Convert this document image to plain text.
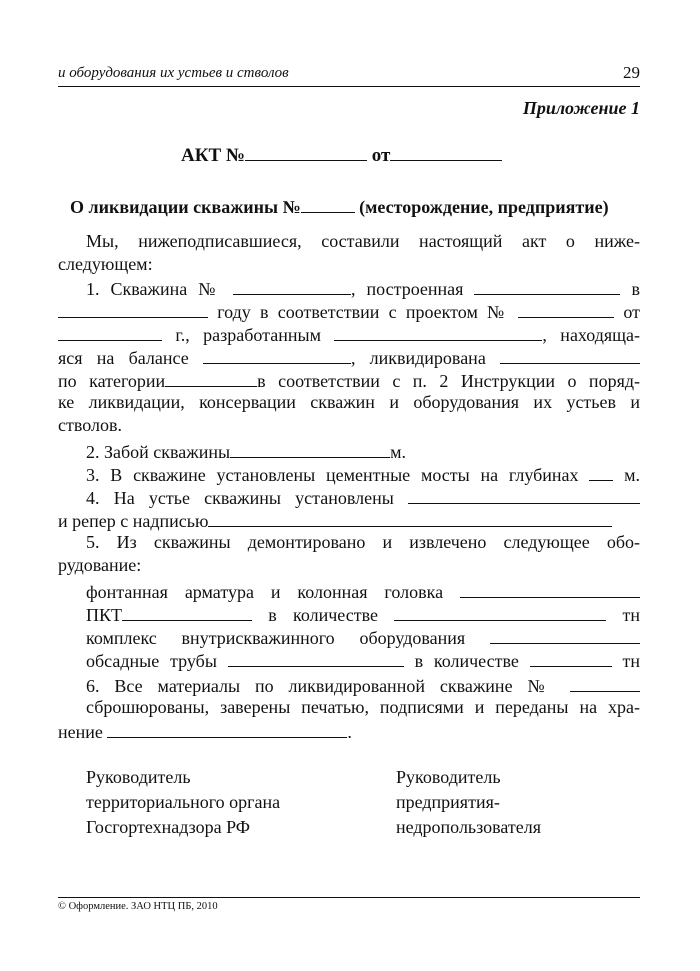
и оборудования их устьев и стволов	29
Приложение 1
АКТ №	от
О ликвидации скважины №	(месторождение, предприятие)
Мы, нижеподписавшиеся, составили настоящий акт о ниже-
следующем:
1. Скважина №	, построенная	в
году в соответствии с проектом №	от
г., разработанным	, находяща-
яся на балансе	, ликвидирована
по категории	в соответствии с п. 2 Инструкции о поряд-
ке ликвидации, консервации скважин и оборудования их устьев и
стволов.
2. Забой скважины	м.
3. В скважине установлены цементные мосты на глубинах	м.
4. На устье скважины установлены
и репер с надписью
5. Из скважины демонтировано и извлечено следующее обо-
рудование:
фонтанная арматура и колонная головка
ПКТ	в количестве	тн
комплекс внутрискважинного оборудования
обсадные трубы	в количестве	тн
6. Все материалы по ликвидированной скважине №
сброшюрованы, заверены печатью, подписями и переданы на хра-
нение	.
Руководитель
территориального органа
Госгортехнадзора РФ
Руководитель
предприятия-
недропользователя
© Оформление. ЗАО НТЦ ПБ, 2010
